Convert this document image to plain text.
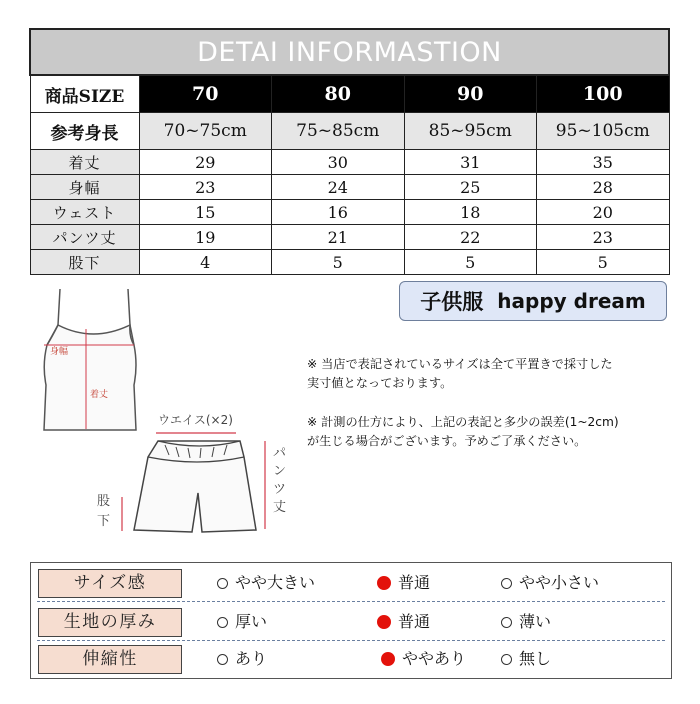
DETAI INFORMASTION				
商品SIZE	70	80	90	100
参考身長	70~75cm	75~85cm	85~95cm	95~105cm
着丈	29	30	31	35
身幅	23	24	25	28
ウェスト	15	16	18	20
パンツ丈	19	21	22	23
股下	4	5	5	5
身幅
着丈
ウエイス(×2)
パ
ン
ツ
丈
股
下
子供服 happy dream
※ 当店で表記されているサイズは全て平置きで採寸した
実寸値となっております。
※ 計測の仕方により、上記の表記と多少の誤差(1~2cm)
が生じる場合がございます。予めご了承ください。
サイズ感	やや大きい	普通	やや小さい
生地の厚み	厚い	普通	薄い
伸縮性	あり	ややあり	無し
